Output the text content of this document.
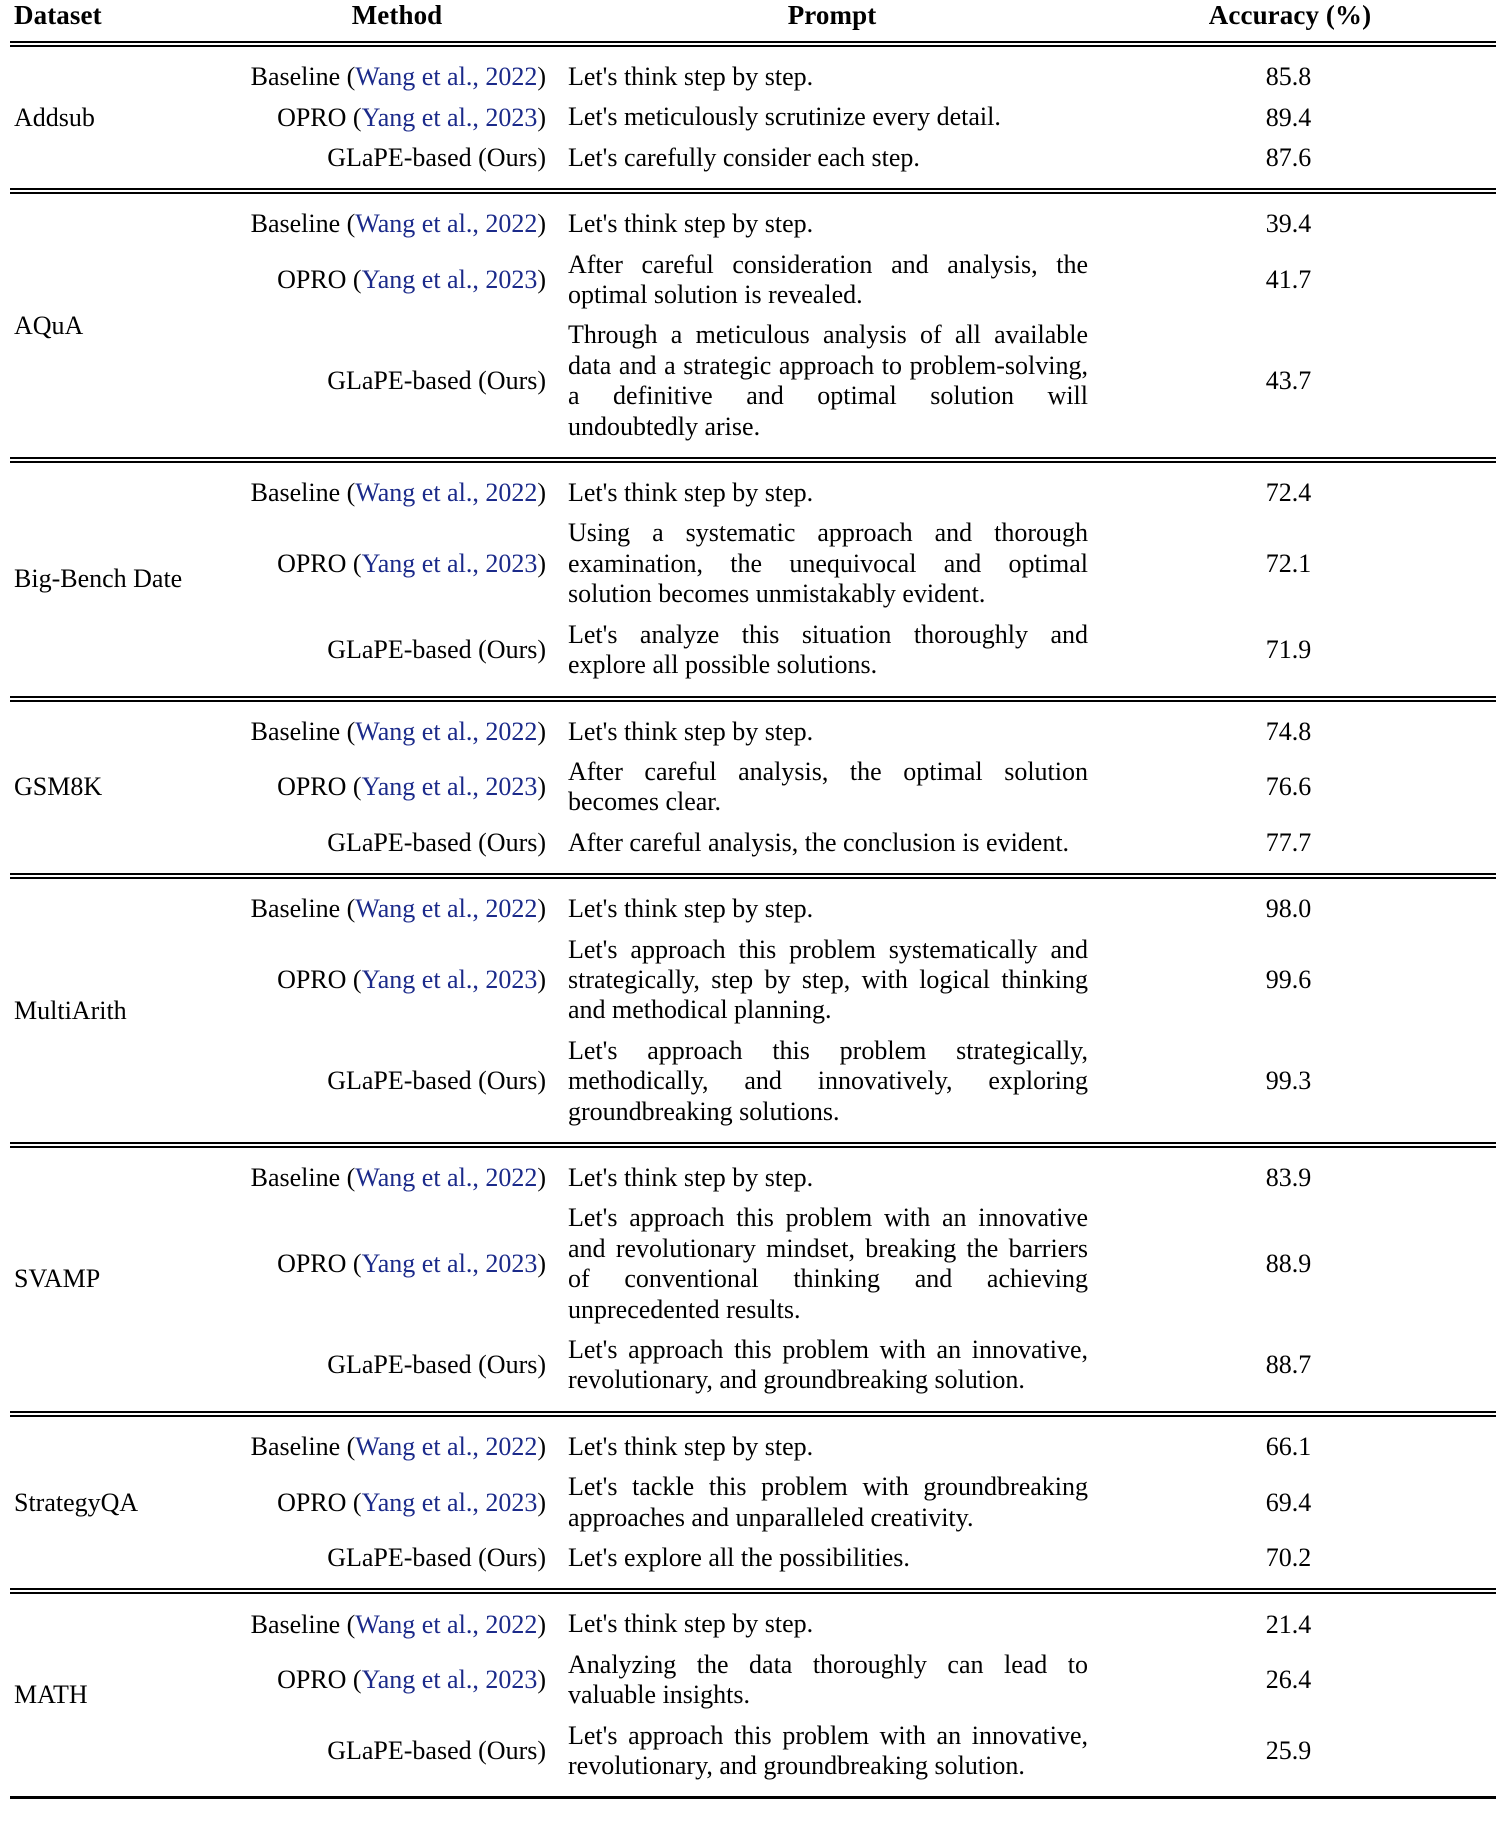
Dataset	Method	Prompt	Accuracy (%)

Addsub	Baseline (Wang et al., 2022)	Let's think step by step.	85.8
	OPRO (Yang et al., 2023)	Let's meticulously scrutinize every detail.	89.4
	GLaPE-based (Ours)	Let's carefully consider each step.	87.6

AQuA	Baseline (Wang et al., 2022)	Let's think step by step.	39.4
	OPRO (Yang et al., 2023)	After careful consideration and analysis, the optimal solution is revealed.	41.7
	GLaPE-based (Ours)	Through a meticulous analysis of all available data and a strategic approach to problem-solving, a definitive and optimal solution will undoubtedly arise.	43.7

Big-Bench Date	Baseline (Wang et al., 2022)	Let's think step by step.	72.4
	OPRO (Yang et al., 2023)	Using a systematic approach and thorough examination, the unequivocal and optimal solution becomes unmistakably evident.	72.1
	GLaPE-based (Ours)	Let's analyze this situation thoroughly and explore all possible solutions.	71.9

GSM8K	Baseline (Wang et al., 2022)	Let's think step by step.	74.8
	OPRO (Yang et al., 2023)	After careful analysis, the optimal solution becomes clear.	76.6
	GLaPE-based (Ours)	After careful analysis, the conclusion is evident.	77.7

MultiArith	Baseline (Wang et al., 2022)	Let's think step by step.	98.0
	OPRO (Yang et al., 2023)	Let's approach this problem systematically and strategically, step by step, with logical thinking and methodical planning.	99.6
	GLaPE-based (Ours)	Let's approach this problem strategically, methodically, and innovatively, exploring groundbreaking solutions.	99.3

SVAMP	Baseline (Wang et al., 2022)	Let's think step by step.	83.9
	OPRO (Yang et al., 2023)	Let's approach this problem with an innovative and revolutionary mindset, breaking the barriers of conventional thinking and achieving unprecedented results.	88.9
	GLaPE-based (Ours)	Let's approach this problem with an innovative, revolutionary, and groundbreaking solution.	88.7

StrategyQA	Baseline (Wang et al., 2022)	Let's think step by step.	66.1
	OPRO (Yang et al., 2023)	Let's tackle this problem with groundbreaking approaches and unparalleled creativity.	69.4
	GLaPE-based (Ours)	Let's explore all the possibilities.	70.2

MATH	Baseline (Wang et al., 2022)	Let's think step by step.	21.4
	OPRO (Yang et al., 2023)	Analyzing the data thoroughly can lead to valuable insights.	26.4
	GLaPE-based (Ours)	Let's approach this problem with an innovative, revolutionary, and groundbreaking solution.	25.9
